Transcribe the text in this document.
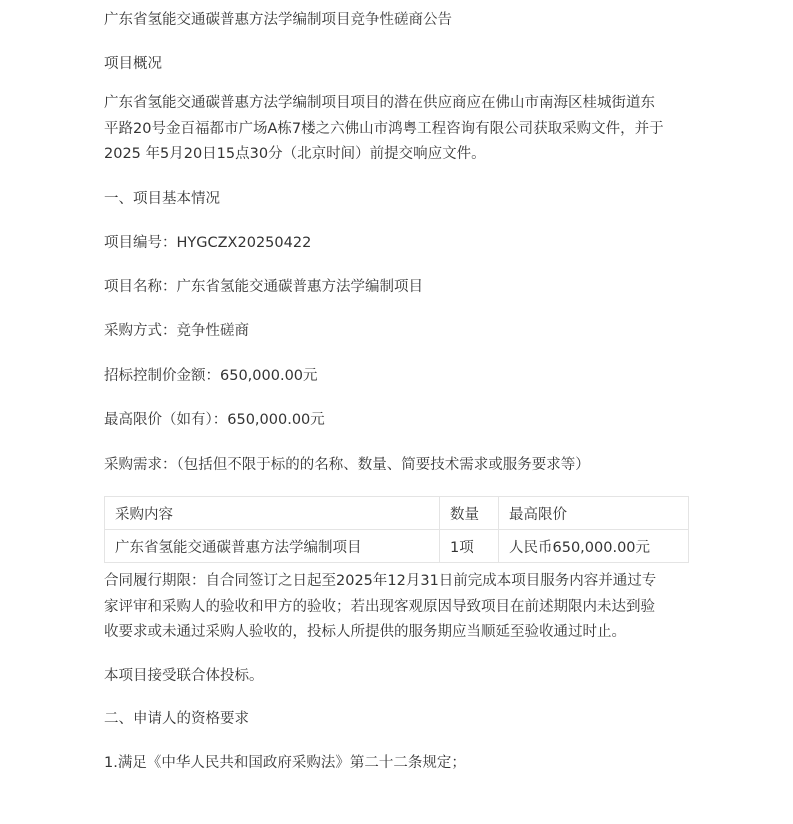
广东省氢能交通碳普惠方法学编制项目竞争性磋商公告
项目概况
广东省氢能交通碳普惠方法学编制项目项目的潜在供应商应在佛山市南海区桂城街道东
平路20号金百福都市广场A栋7楼之六佛山市鸿粤工程咨询有限公司获取采购文件，并于
2025 年5月20日15点30分（北京时间）前提交响应文件。
一、项目基本情况
项目编号：HYGCZX20250422
项目名称：广东省氢能交通碳普惠方法学编制项目
采购方式：竞争性磋商
招标控制价金额：650,000.00元
最高限价（如有）：650,000.00元
采购需求：（包括但不限于标的的名称、数量、简要技术需求或服务要求等）
采购内容	数量	最高限价
广东省氢能交通碳普惠方法学编制项目	1项	人民币650,000.00元
合同履行期限：自合同签订之日起至2025年12月31日前完成本项目服务内容并通过专
家评审和采购人的验收和甲方的验收；若出现客观原因导致项目在前述期限内未达到验
收要求或未通过采购人验收的，投标人所提供的服务期应当顺延至验收通过时止。
本项目接受联合体投标。
二、申请人的资格要求
1.满足《中华人民共和国政府采购法》第二十二条规定；
